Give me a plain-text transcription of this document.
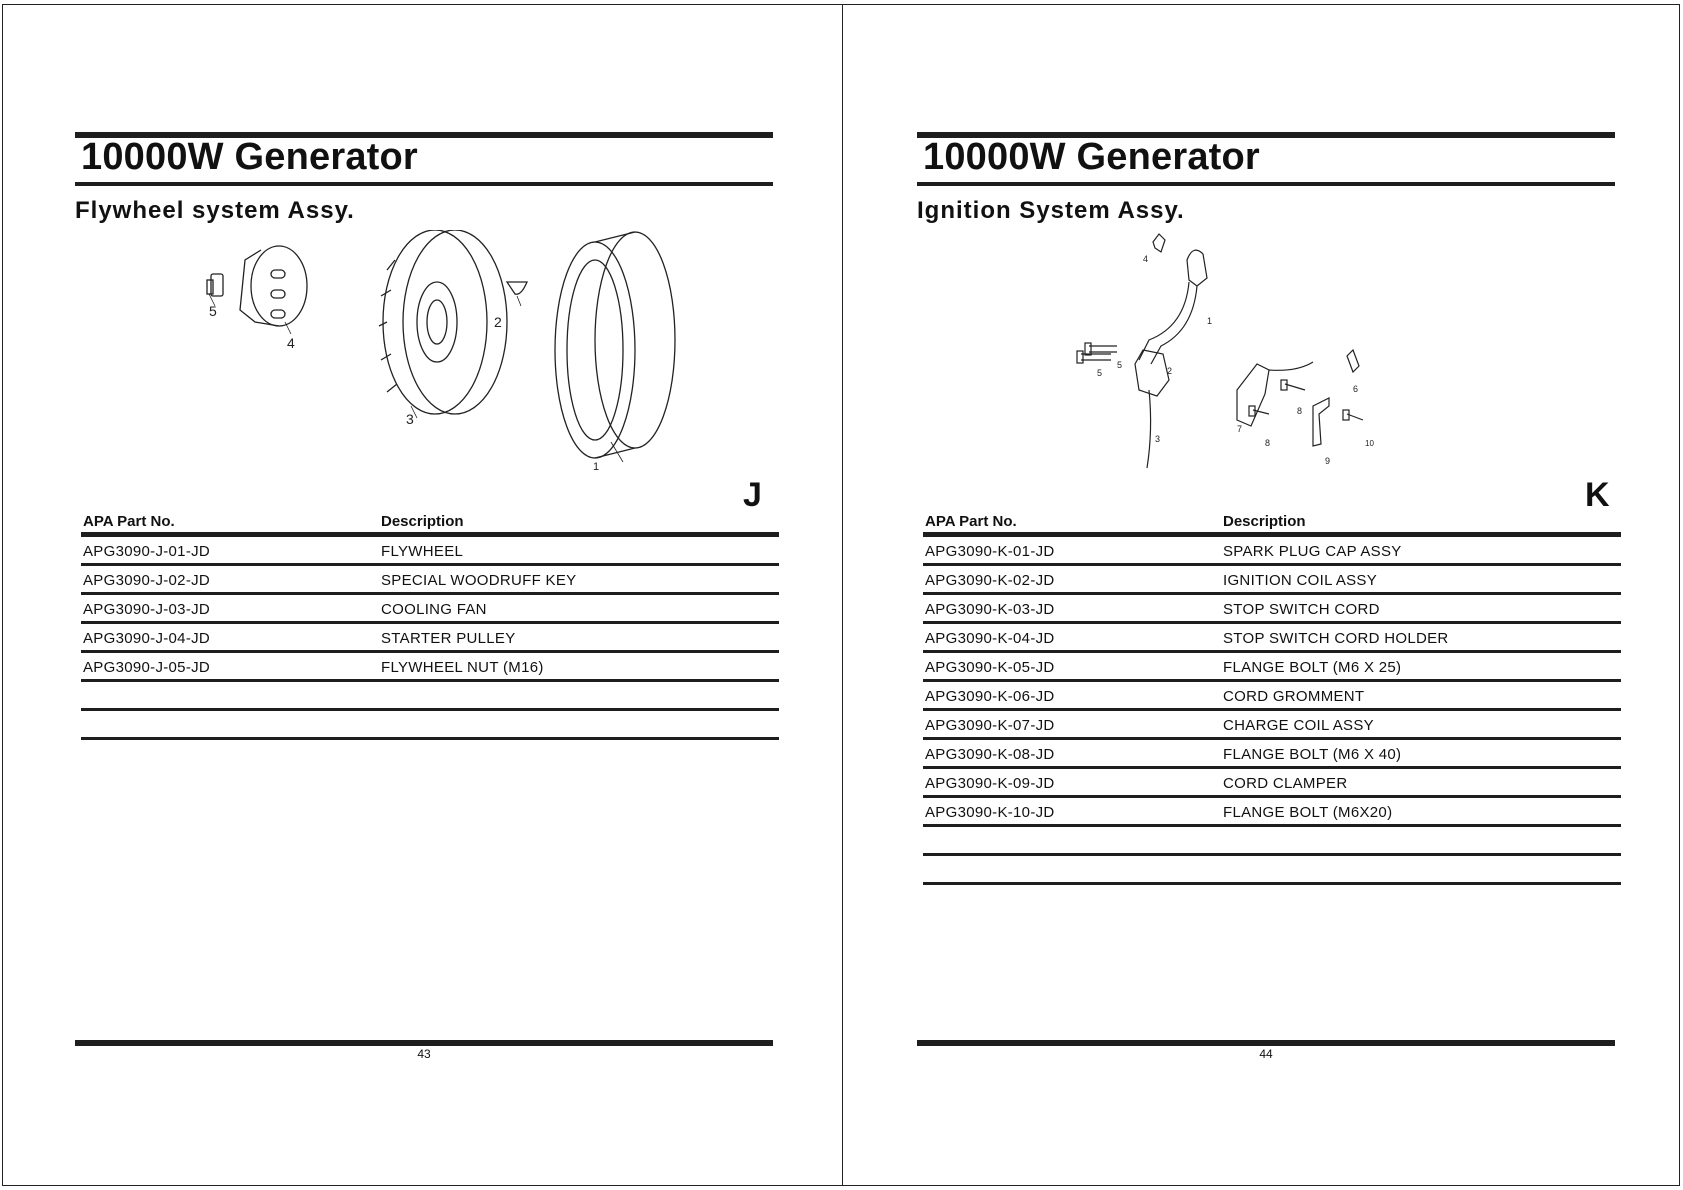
10000W Generator
Flywheel system Assy.
5
4
3
2
1
J
APA Part No.	Description
APG3090-J-01-JD	FLYWHEEL
APG3090-J-02-JD	SPECIAL WOODRUFF KEY
APG3090-J-03-JD	COOLING FAN
APG3090-J-04-JD	STARTER PULLEY
APG3090-J-05-JD	FLYWHEEL NUT (M16)
43
10000W Generator
Ignition System Assy.
4
1
5
5
2
3
6
8
7
8
9
10
K
APA Part No.	Description
APG3090-K-01-JD	SPARK PLUG CAP ASSY
APG3090-K-02-JD	IGNITION COIL ASSY
APG3090-K-03-JD	STOP SWITCH CORD
APG3090-K-04-JD	STOP SWITCH CORD HOLDER
APG3090-K-05-JD	FLANGE BOLT (M6 X 25)
APG3090-K-06-JD	CORD GROMMENT
APG3090-K-07-JD	CHARGE COIL ASSY
APG3090-K-08-JD	FLANGE BOLT (M6 X 40)
APG3090-K-09-JD	CORD CLAMPER
APG3090-K-10-JD	FLANGE BOLT (M6X20)
44
